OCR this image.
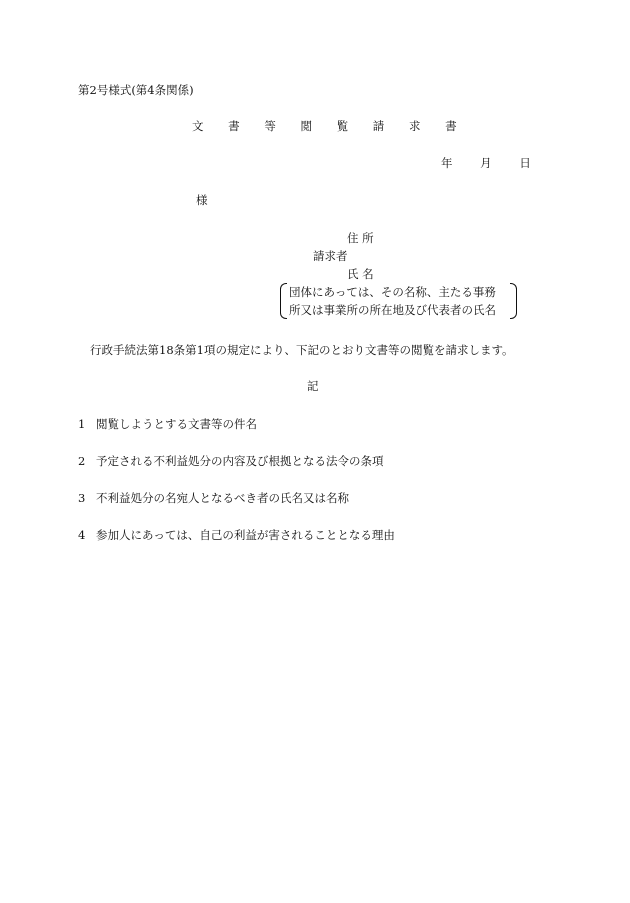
第2号様式(第4条関係)
文 書 等 閲 覧 請 求 書
年 月 日
様
住 所
請求者
氏 名
団体にあっては、その名称、主たる事務
所又は事業所の所在地及び代表者の氏名
行政手続法第18条第1項の規定により、下記のとおり文書等の閲覧を請求します。
記
1 閲覧しようとする文書等の件名
2 予定される不利益処分の内容及び根拠となる法令の条項
3 不利益処分の名宛人となるべき者の氏名又は名称
4 参加人にあっては、自己の利益が害されることとなる理由
